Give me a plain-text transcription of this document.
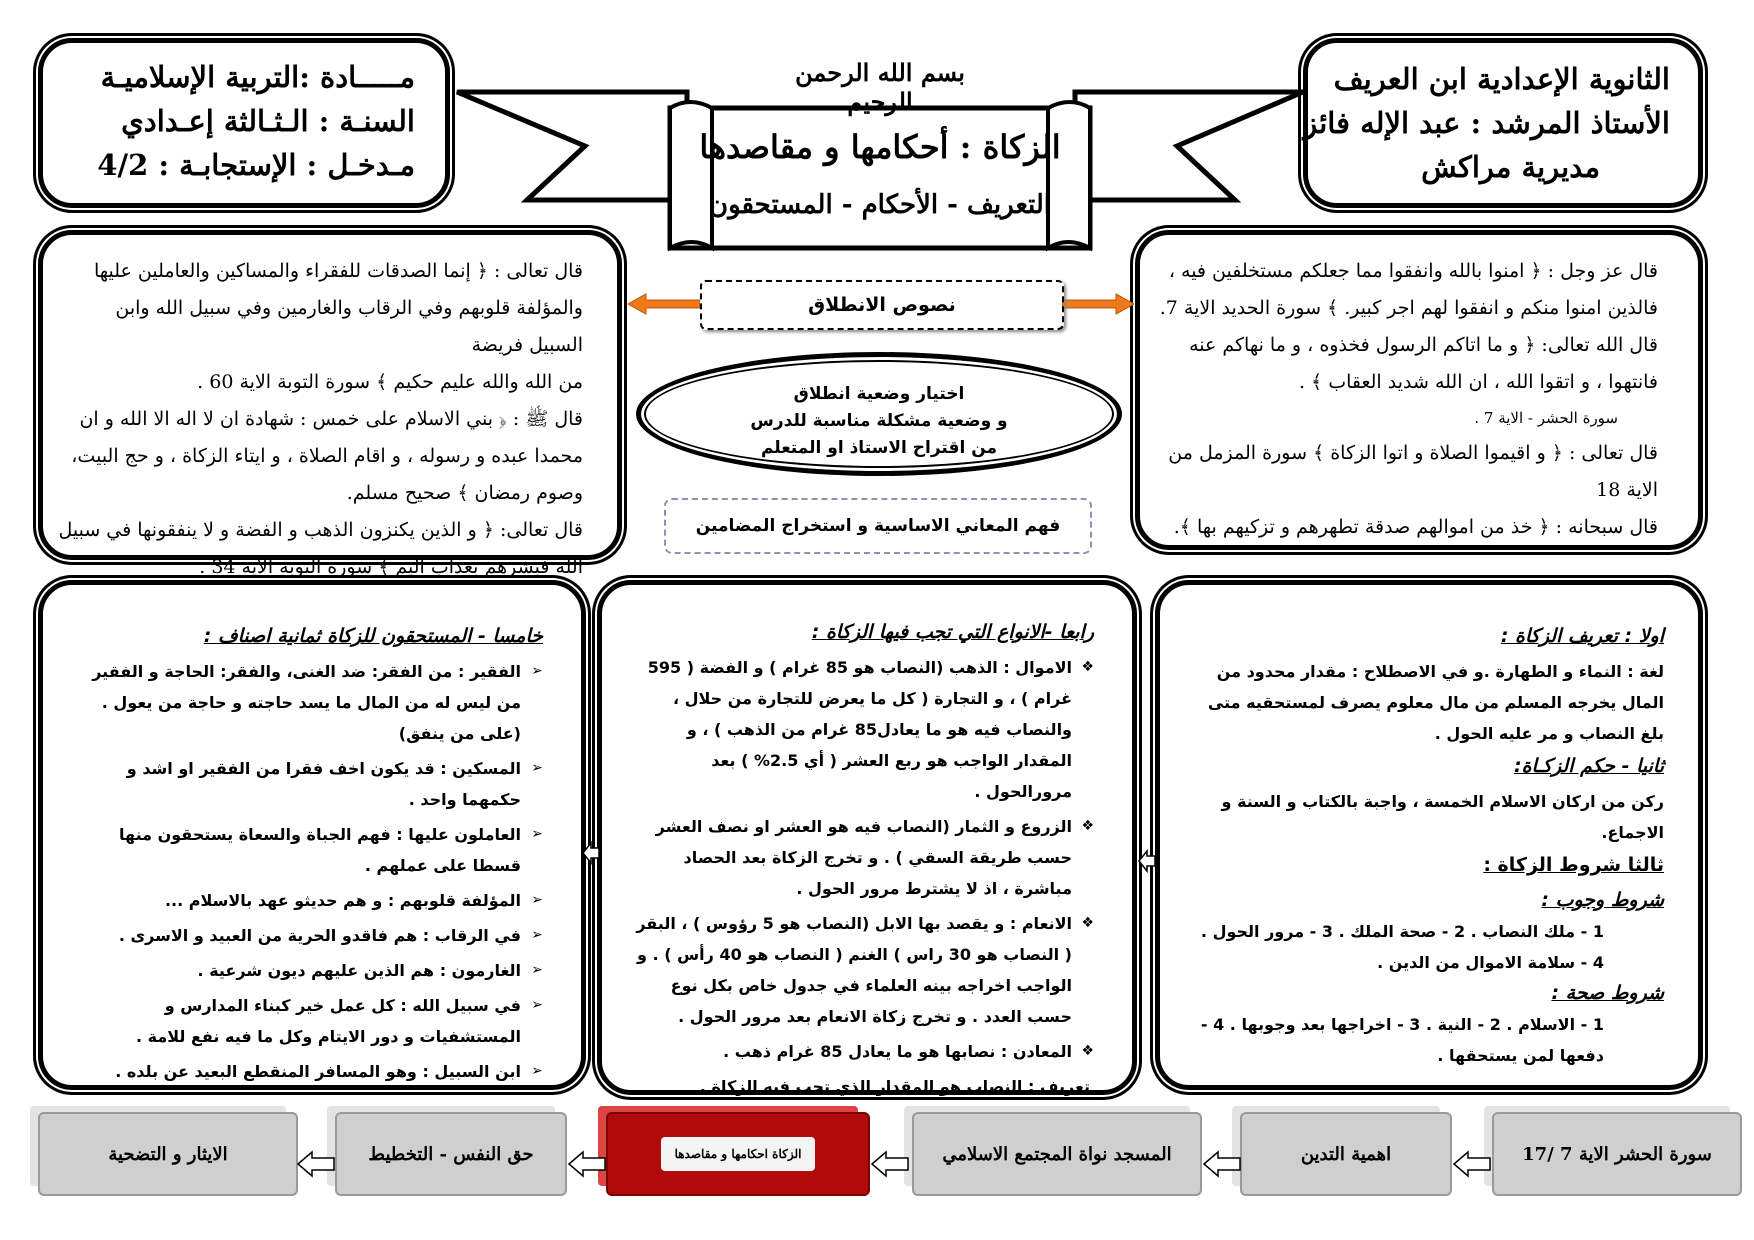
الثانوية الإعدادية ابن العريف
الأستاذ المرشد : عبد الإله فائز
مديرية مراكش
مـــــادة :التربية الإسلاميـة
السنـة : الـثـالثة إعـدادي
مـدخـل : الإستجابـة : 4/2
بسم الله الرحمن الرحيم
الزكاة : أحكامها و مقاصدها
التعريف - الأحكام - المستحقون
قال عز وجل : ﴿ امنوا بالله وانفقوا مما جعلكم مستخلفين فيه ،
فالذين امنوا منكم و انفقوا لهم اجر كبير. ﴾ سورة الحديد الاية 7.
قال الله تعالى: ﴿ و ما اتاكم الرسول فخذوه ، و ما نهاكم عنه
فانتهوا ، و اتقوا الله ، ان الله شديد العقاب ﴾ .
سورة الحشر - الاية 7 .
قال تعالى : ﴿ و اقيموا الصلاة و اتوا الزكاة ﴾ سورة المزمل من الاية 18
قال سبحانه : ﴿ خذ من اموالهم صدقة تطهرهم و تزكيهم بها ﴾.
قال تعالى : ﴿ إنما الصدقات للفقراء والمساكين والعاملين عليها
والمؤلفة قلوبهم وفي الرقاب والغارمين وفي سبيل الله وابن السبيل فريضة
من الله والله عليم حكيم ﴾ سورة التوبة الاية 60 .
قال ﷺ : ﴿ بني الاسلام على خمس : شهادة ان لا اله الا الله و ان
محمدا عبده و رسوله ، و اقام الصلاة ، و ايتاء الزكاة ، و حج البيت،
وصوم رمضان ﴾ صحيح مسلم.
قال تعالى: ﴿ و الذين يكنزون الذهب و الفضة و لا ينفقونها في سبيل
الله فبشرهم بعذاب اليم ﴾ سورة التوبة الاية 34 .
نصوص الانطلاق
اختيار وضعية انطلاق
و وضعية مشكلة مناسبة للدرس
من اقتراح الاستاذ او المتعلم
فهم المعاني الاساسية و استخراج المضامين
اولا : تعريف الزكاة :
لغة : النماء و الطهارة .و في الاصطلاح : مقدار محدود من المال يخرجه المسلم من مال معلوم يصرف لمستحقيه متى بلغ النصاب و مر عليه الحول .
ثانيا - حكم الزكـاة:
ركن من اركان الاسلام الخمسة ، واجبة بالكتاب و السنة و الاجماع.
ثالثا شروط الزكاة :
شروط وجوب :
1 - ملك النصاب . 2 - صحة الملك . 3 - مرور الحول . 4 - سلامة الاموال من الدين .
شروط صحة :
1 - الاسلام . 2 - النية . 3 - اخراجها بعد وجوبها . 4 - دفعها لمن يستحقها .
رابعا -الانواع التي تجب فيها الزكاة :
❖ الاموال : الذهب (النصاب هو 85 غرام ) و الفضة ( 595 غرام ) ، و التجارة ( كل ما يعرض للتجارة من حلال ، والنصاب فيه هو ما يعادل85 غرام من الذهب ) ، و المقدار الواجب هو ربع العشر ( أي 2.5% ) بعد مرورالحول .
❖ الزروع و الثمار (النصاب فيه هو العشر او نصف العشر حسب طريقة السقي ) . و تخرج الزكاة بعد الحصاد مباشرة ، اذ لا يشترط مرور الحول .
❖ الانعام : و يقصد بها الابل (النصاب هو 5 رؤوس ) ، البقر ( النصاب هو 30 راس ) الغنم ( النصاب هو 40 رأس ) . و الواجب اخراجه بينه العلماء في جدول خاص بكل نوع حسب العدد . و تخرج زكاة الانعام بعد مرور الحول .
❖ المعادن : نصابها هو ما يعادل 85 غرام ذهب .
تعريف : النصاب هو المقدار الذي تجب فيه الزكاة .
خامسا - المستحقون للزكاة ثمانية اصناف :
➢ الفقير : من الفقر: ضد الغنى، والفقر: الحاجة و الفقير من ليس له من المال ما يسد حاجته و حاجة من يعول . (على من ينفق)
➢ المسكين : قد يكون اخف فقرا من الفقير او اشد و حكمهما واحد .
➢ العاملون عليها : فهم الجباة والسعاة يستحقون منها قسطا على عملهم .
➢ المؤلفة قلوبهم : و هم حديثو عهد بالاسلام ...
➢ في الرقاب : هم فاقدو الحرية من العبيد و الاسرى .
➢ الغارمون : هم الذين عليهم ديون شرعية .
➢ في سبيل الله : كل عمل خير كبناء المدارس و المستشفيات و دور الايتام وكل ما فيه نفع للامة .
➢ ابن السبيل : وهو المسافر المنقطع البعيد عن بلده .
سورة الحشر الاية 7 /17
اهمية التدين
المسجد نواة المجتمع الاسلامي
الزكاة احكامها و مقاصدها
حق النفس - التخطيط
الايثار و التضحية
